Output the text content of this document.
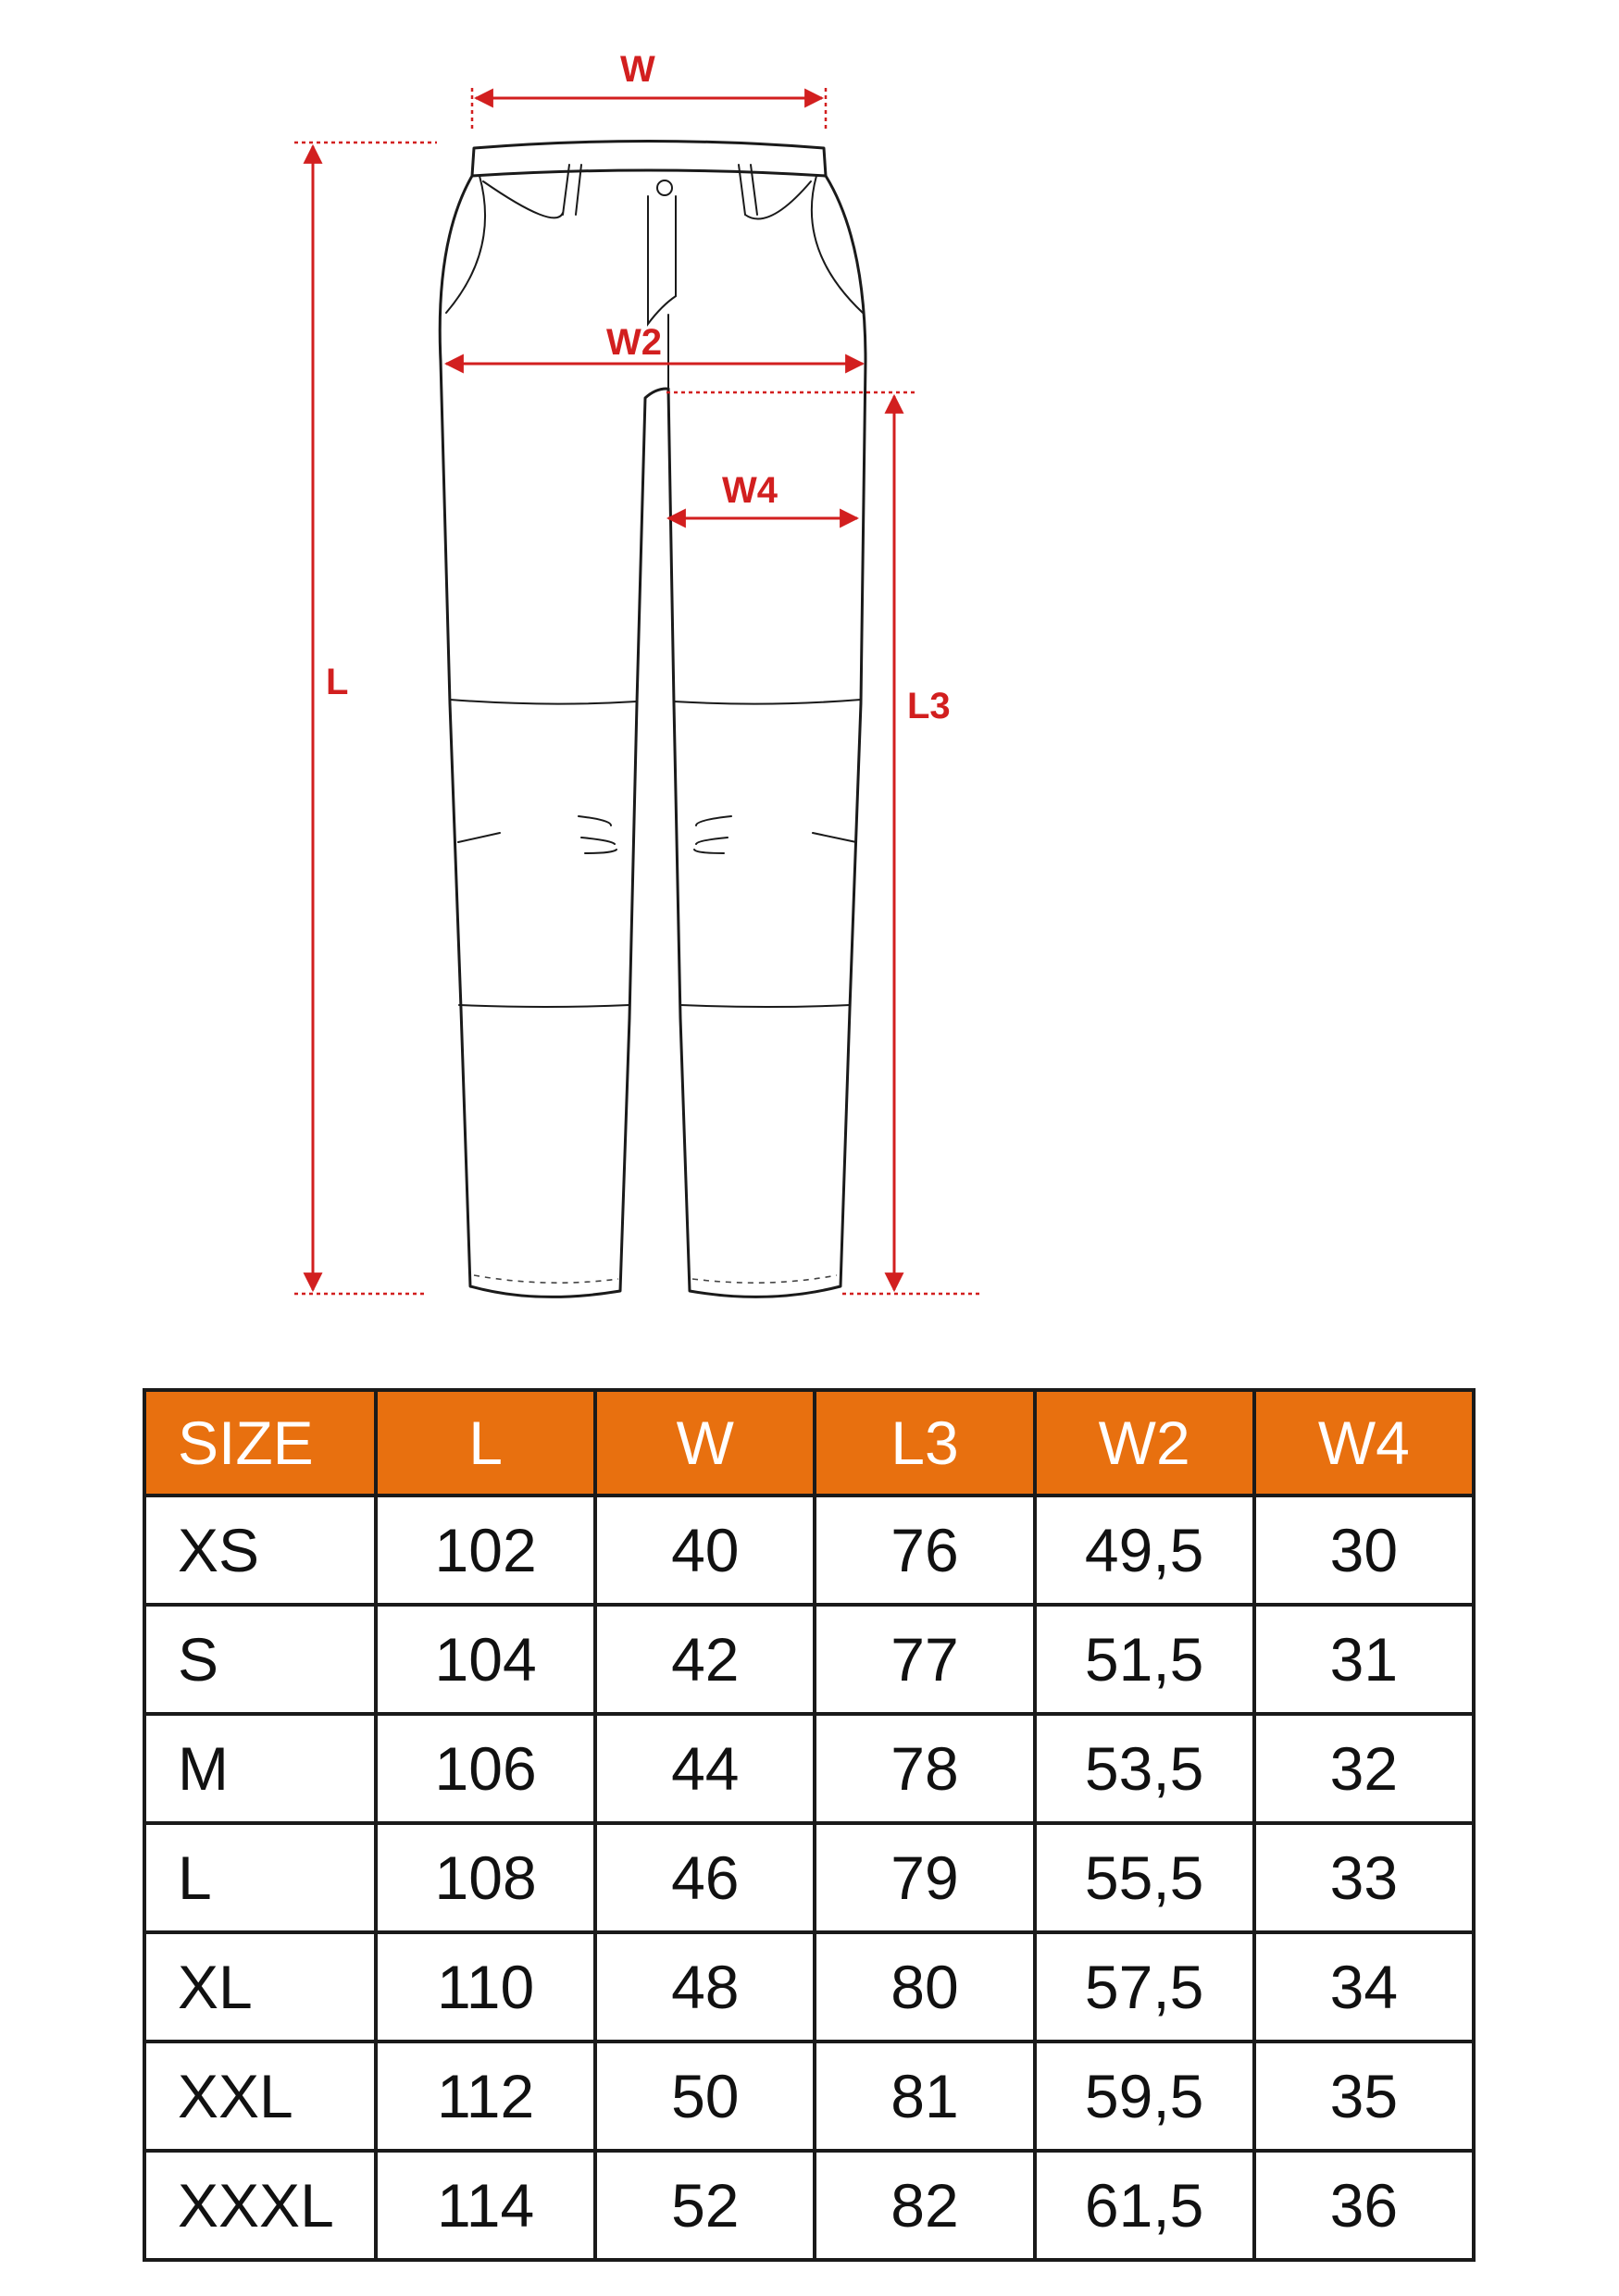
W
W2
W4
L
L3
SIZE	L	W	L3	W2	W4
XS	102	40	76	49,5	30
S	104	42	77	51,5	31
M	106	44	78	53,5	32
L	108	46	79	55,5	33
XL	110	48	80	57,5	34
XXL	112	50	81	59,5	35
XXXL	114	52	82	61,5	36
